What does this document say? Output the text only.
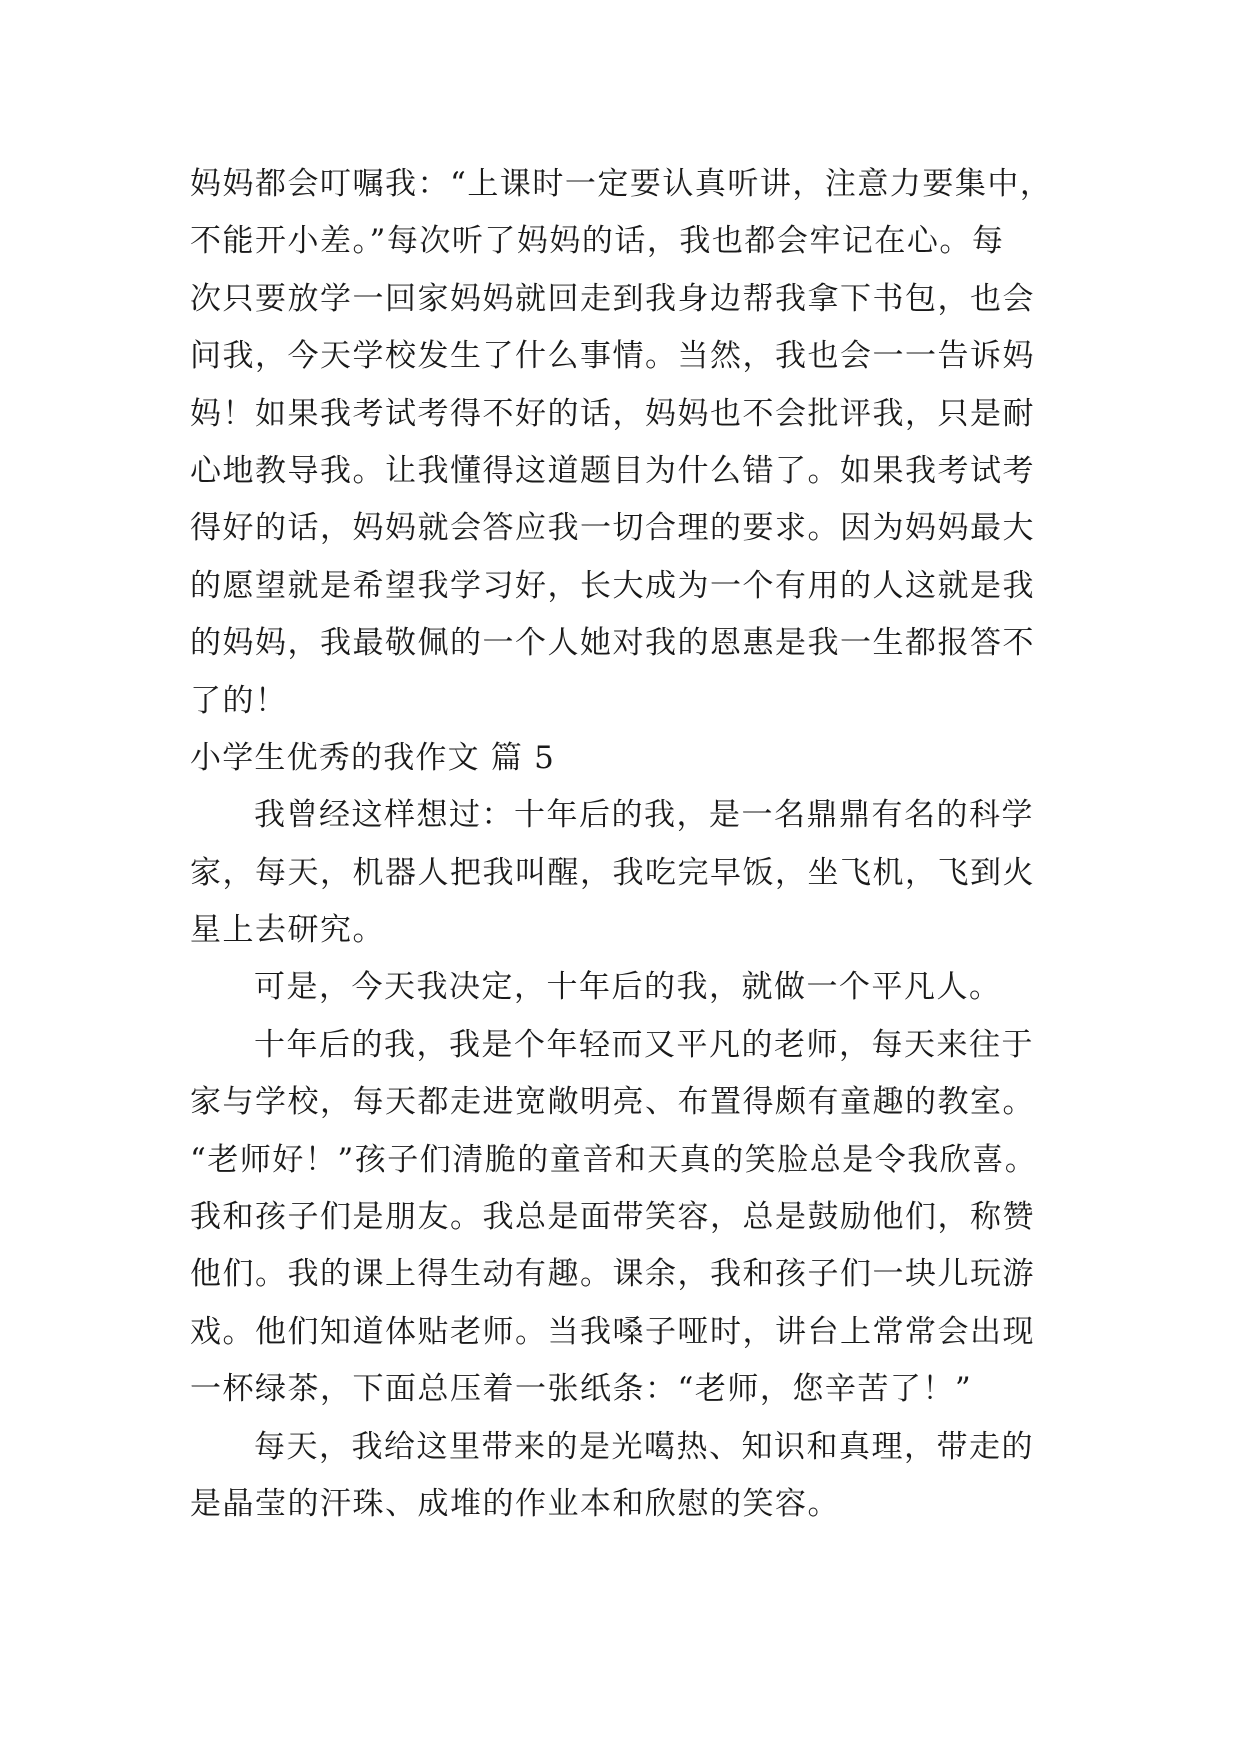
妈妈都会叮嘱我：“上课时一定要认真听讲，注意力要集中，
不能开小差。”每次听了妈妈的话，我也都会牢记在心。每
次只要放学一回家妈妈就回走到我身边帮我拿下书包，也会
问我，今天学校发生了什么事情。当然，我也会一一告诉妈
妈！如果我考试考得不好的话，妈妈也不会批评我，只是耐
心地教导我。让我懂得这道题目为什么错了。如果我考试考
得好的话，妈妈就会答应我一切合理的要求。因为妈妈最大
的愿望就是希望我学习好，长大成为一个有用的人这就是我
的妈妈，我最敬佩的一个人她对我的恩惠是我一生都报答不
了的！
小学生优秀的我作文 篇 5
我曾经这样想过：十年后的我，是一名鼎鼎有名的科学
家，每天，机器人把我叫醒，我吃完早饭，坐飞机，飞到火
星上去研究。
可是，今天我决定，十年后的我，就做一个平凡人。
十年后的我，我是个年轻而又平凡的老师，每天来往于
家与学校，每天都走进宽敞明亮、布置得颇有童趣的教室。
“老师好！”孩子们清脆的童音和天真的笑脸总是令我欣喜。
我和孩子们是朋友。我总是面带笑容，总是鼓励他们，称赞
他们。我的课上得生动有趣。课余，我和孩子们一块儿玩游
戏。他们知道体贴老师。当我嗓子哑时，讲台上常常会出现
一杯绿茶，下面总压着一张纸条：“老师，您辛苦了！”
每天，我给这里带来的是光噶热、知识和真理，带走的
是晶莹的汗珠、成堆的作业本和欣慰的笑容。
